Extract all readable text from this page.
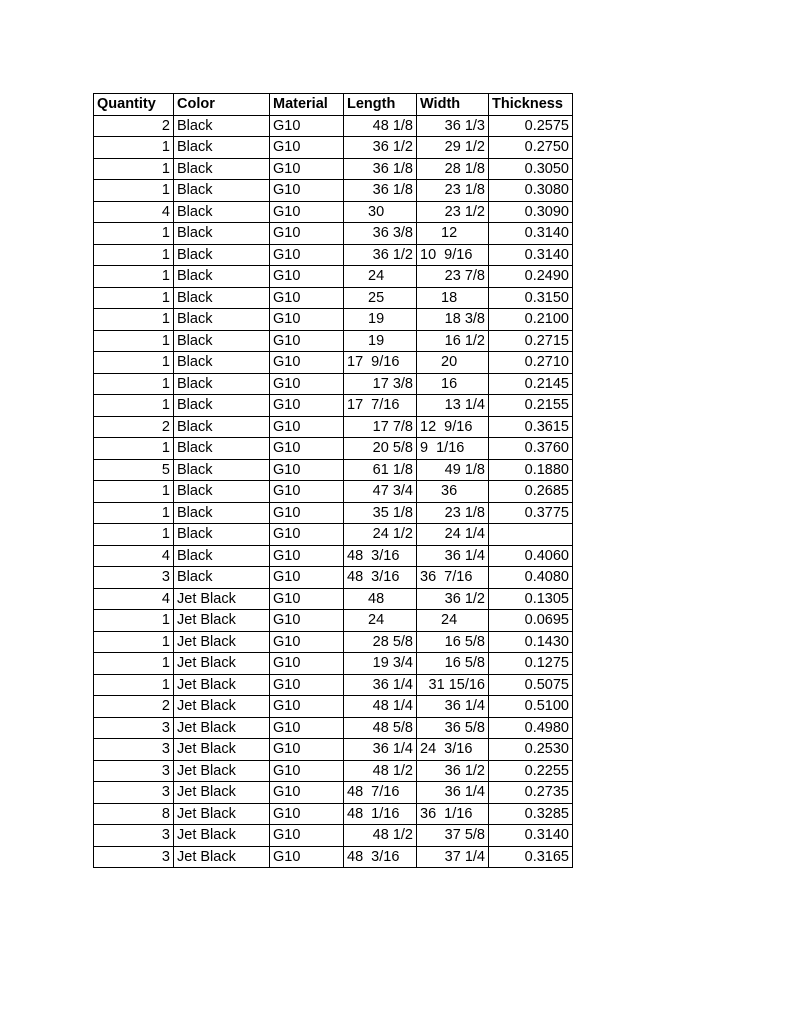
Quantity	Color	Material	Length	Width	Thickness
2	Black	G10	48 1/8	36 1/3	0.2575
1	Black	G10	36 1/2	29 1/2	0.2750
1	Black	G10	36 1/8	28 1/8	0.3050
1	Black	G10	36 1/8	23 1/8	0.3080
4	Black	G10	30	23 1/2	0.3090
1	Black	G10	36 3/8	12	0.3140
1	Black	G10	36 1/2	10  9/16	0.3140
1	Black	G10	24	23 7/8	0.2490
1	Black	G10	25	18	0.3150
1	Black	G10	19	18 3/8	0.2100
1	Black	G10	19	16 1/2	0.2715
1	Black	G10	17  9/16	20	0.2710
1	Black	G10	17 3/8	16	0.2145
1	Black	G10	17  7/16	13 1/4	0.2155
2	Black	G10	17 7/8	12  9/16	0.3615
1	Black	G10	20 5/8	9  1/16	0.3760
5	Black	G10	61 1/8	49 1/8	0.1880
1	Black	G10	47 3/4	36	0.2685
1	Black	G10	35 1/8	23 1/8	0.3775
1	Black	G10	24 1/2	24 1/4	
4	Black	G10	48  3/16	36 1/4	0.4060
3	Black	G10	48  3/16	36  7/16	0.4080
4	Jet Black	G10	48	36 1/2	0.1305
1	Jet Black	G10	24	24	0.0695
1	Jet Black	G10	28 5/8	16 5/8	0.1430
1	Jet Black	G10	19 3/4	16 5/8	0.1275
1	Jet Black	G10	36 1/4	31 15/16	0.5075
2	Jet Black	G10	48 1/4	36 1/4	0.5100
3	Jet Black	G10	48 5/8	36 5/8	0.4980
3	Jet Black	G10	36 1/4	24  3/16	0.2530
3	Jet Black	G10	48 1/2	36 1/2	0.2255
3	Jet Black	G10	48  7/16	36 1/4	0.2735
8	Jet Black	G10	48  1/16	36  1/16	0.3285
3	Jet Black	G10	48 1/2	37 5/8	0.3140
3	Jet Black	G10	48  3/16	37 1/4	0.3165
